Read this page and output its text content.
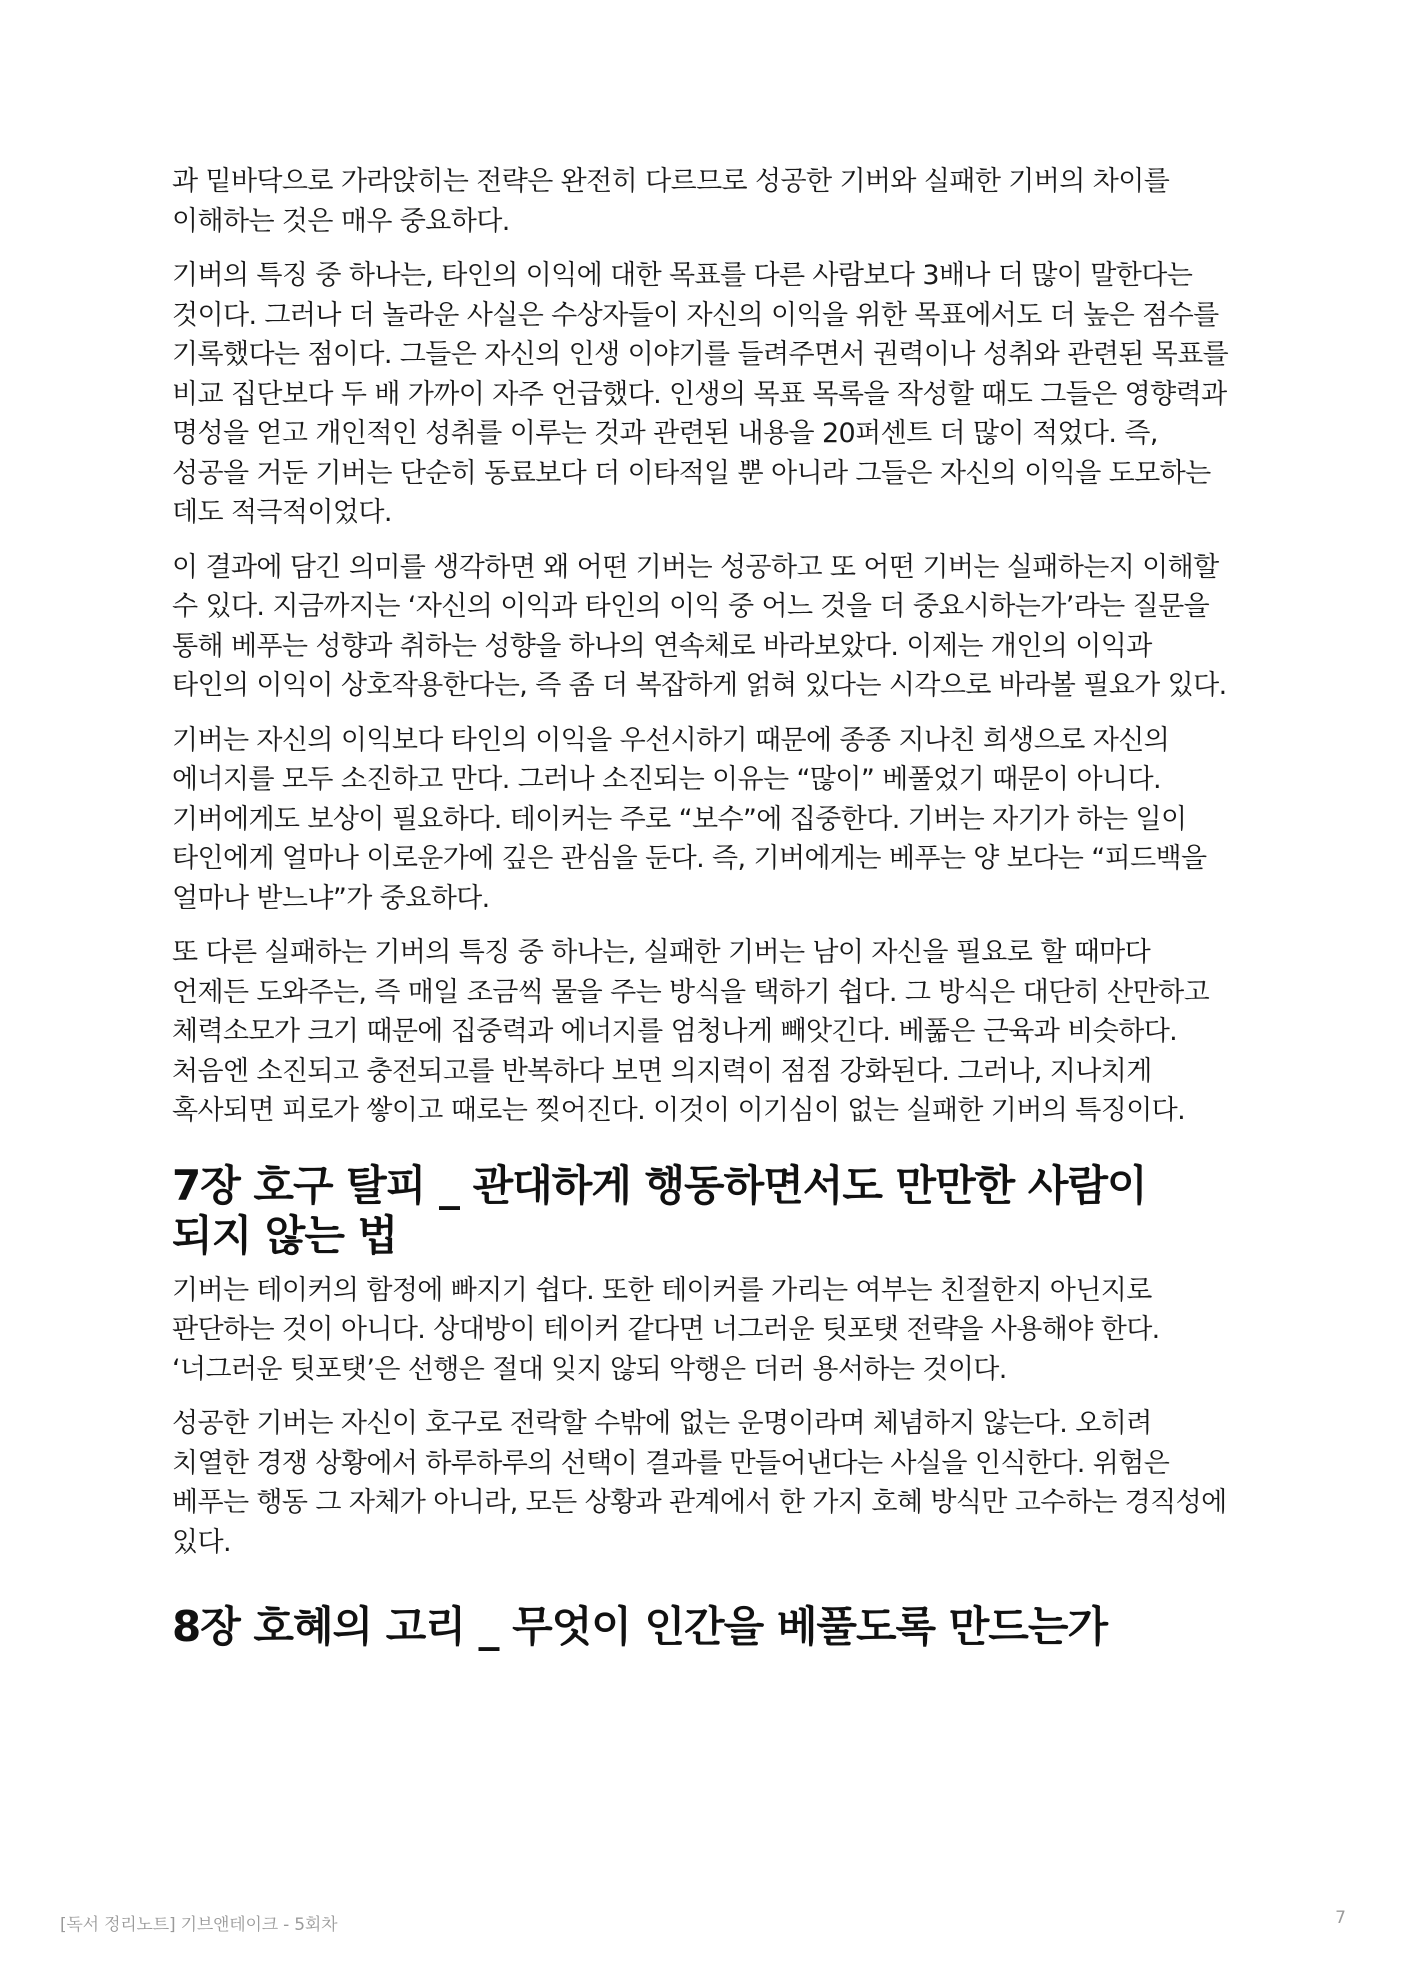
과 밑바닥으로 가라앉히는 전략은 완전히 다르므로 성공한 기버와 실패한 기버의 차이를 이해하는 것은 매우 중요하다.

기버의 특징 중 하나는, 타인의 이익에 대한 목표를 다른 사람보다 3배나 더 많이 말한다는 것이다. 그러나 더 놀라운 사실은 수상자들이 자신의 이익을 위한 목표에서도 더 높은 점수를 기록했다는 점이다. 그들은 자신의 인생 이야기를 들려주면서 권력이나 성취와 관련된 목표를 비교 집단보다 두 배 가까이 자주 언급했다. 인생의 목표 목록을 작성할 때도 그들은 영향력과 명성을 얻고 개인적인 성취를 이루는 것과 관련된 내용을 20퍼센트 더 많이 적었다. 즉, 성공을 거둔 기버는 단순히 동료보다 더 이타적일 뿐 아니라 그들은 자신의 이익을 도모하는 데도 적극적이었다.

이 결과에 담긴 의미를 생각하면 왜 어떤 기버는 성공하고 또 어떤 기버는 실패하는지 이해할 수 있다. 지금까지는 ‘자신의 이익과 타인의 이익 중 어느 것을 더 중요시하는가’라는 질문을 통해 베푸는 성향과 취하는 성향을 하나의 연속체로 바라보았다. 이제는 개인의 이익과 타인의 이익이 상호작용한다는, 즉 좀 더 복잡하게 얽혀 있다는 시각으로 바라볼 필요가 있다.

기버는 자신의 이익보다 타인의 이익을 우선시하기 때문에 종종 지나친 희생으로 자신의 에너지를 모두 소진하고 만다. 그러나 소진되는 이유는 “많이” 베풀었기 때문이 아니다. 기버에게도 보상이 필요하다. 테이커는 주로 “보수”에 집중한다. 기버는 자기가 하는 일이 타인에게 얼마나 이로운가에 깊은 관심을 둔다. 즉, 기버에게는 베푸는 양 보다는 “피드백을 얼마나 받느냐”가 중요하다.

또 다른 실패하는 기버의 특징 중 하나는, 실패한 기버는 남이 자신을 필요로 할 때마다 언제든 도와주는, 즉 매일 조금씩 물을 주는 방식을 택하기 쉽다. 그 방식은 대단히 산만하고 체력소모가 크기 때문에 집중력과 에너지를 엄청나게 빼앗긴다. 베풂은 근육과 비슷하다. 처음엔 소진되고 충전되고를 반복하다 보면 의지력이 점점 강화된다. 그러나, 지나치게 혹사되면 피로가 쌓이고 때로는 찢어진다. 이것이 이기심이 없는 실패한 기버의 특징이다.

7장 호구 탈피 _ 관대하게 행동하면서도 만만한 사람이 되지 않는 법

기버는 테이커의 함정에 빠지기 쉽다. 또한 테이커를 가리는 여부는 친절한지 아닌지로 판단하는 것이 아니다. 상대방이 테이커 같다면 너그러운 팃포탯 전략을 사용해야 한다. ‘너그러운 팃포탯’은 선행은 절대 잊지 않되 악행은 더러 용서하는 것이다.

성공한 기버는 자신이 호구로 전락할 수밖에 없는 운명이라며 체념하지 않는다. 오히려 치열한 경쟁 상황에서 하루하루의 선택이 결과를 만들어낸다는 사실을 인식한다. 위험은 베푸는 행동 그 자체가 아니라, 모든 상황과 관계에서 한 가지 호혜 방식만 고수하는 경직성에 있다.

8장 호혜의 고리 _ 무엇이 인간을 베풀도록 만드는가
[독서 정리노트] 기브앤테이크 - 5회차	7
